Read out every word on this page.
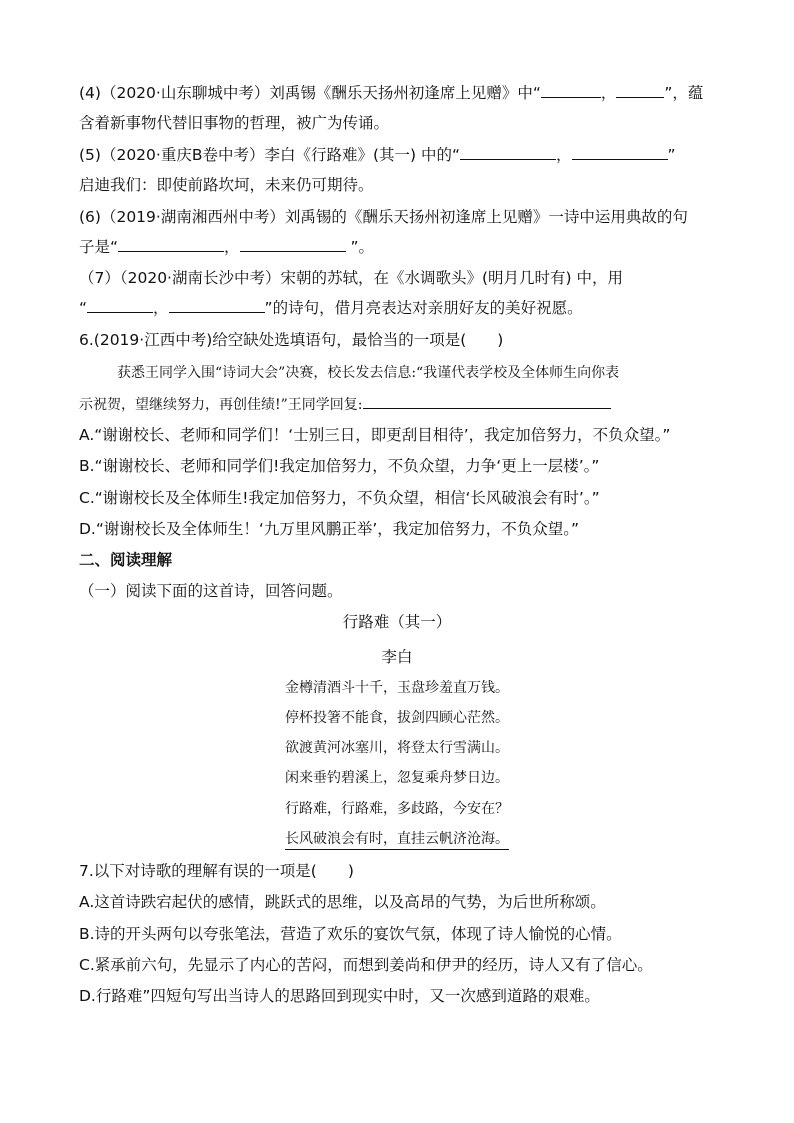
(4)（2020·山东聊城中考）刘禹锡《酬乐天扬州初逢席上见赠》中“	，	”，蕴
含着新事物代替旧事物的哲理，被广为传诵。
(5)（2020·重庆B卷中考）李白《行路难》(其一) 中的“	，	”
启迪我们：即使前路坎坷，未来仍可期待。
(6)（2019·湖南湘西州中考）刘禹锡的《酬乐天扬州初逢席上见赠》一诗中运用典故的句
子是“	，	”。
（7）（2020·湖南长沙中考）宋朝的苏轼，在《水调歌头》(明月几时有) 中，用
“	，	”的诗句，借月亮表达对亲朋好友的美好祝愿。
6.(2019·江西中考)给空缺处选填语句，最恰当的一项是(　　)
获悉王同学入围“诗词大会”决赛，校长发去信息:“我谨代表学校及全体师生向你表
示祝贺，望继续努力，再创佳绩!”王同学回复:
A.“谢谢校长、老师和同学们！‘士别三日，即更刮目相待’，我定加倍努力，不负众望。”
B.“谢谢校长、老师和同学们!我定加倍努力，不负众望，力争‘更上一层楼’。”
C.“谢谢校长及全体师生!我定加倍努力，不负众望，相信‘长风破浪会有时’。”
D.“谢谢校长及全体师生！‘九万里风鹏正举’，我定加倍努力，不负众望。”
二、阅读理解
（一）阅读下面的这首诗，回答问题。
行路难（其一）
李白
金樽清酒斗十千，玉盘珍羞直万钱。
停杯投箸不能食，拔剑四顾心茫然。
欲渡黄河冰塞川，将登太行雪满山。
闲来垂钓碧溪上，忽复乘舟梦日边。
行路难，行路难，多歧路，今安在？
长风破浪会有时，直挂云帆济沧海。
7.以下对诗歌的理解有误的一项是(　　)
A.这首诗跌宕起伏的感情，跳跃式的思维，以及高昂的气势，为后世所称颂。
B.诗的开头两句以夸张笔法，营造了欢乐的宴饮气氛，体现了诗人愉悦的心情。
C.紧承前六句，先显示了内心的苦闷，而想到姜尚和伊尹的经历，诗人又有了信心。
D.行路难”四短句写出当诗人的思路回到现实中时，又一次感到道路的艰难。
